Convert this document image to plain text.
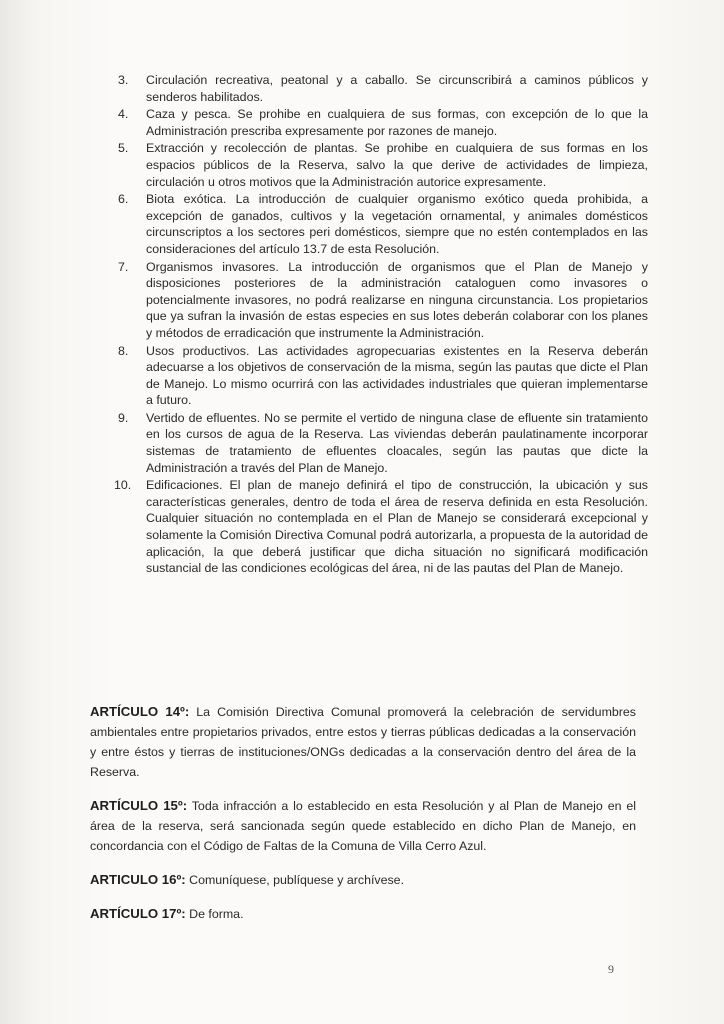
3. Circulación recreativa, peatonal y a caballo. Se circunscribirá a caminos públicos y senderos habilitados.
4. Caza y pesca. Se prohibe en cualquiera de sus formas, con excepción de lo que la Administración prescriba expresamente por razones de manejo.
5. Extracción y recolección de plantas. Se prohibe en cualquiera de sus formas en los espacios públicos de la Reserva, salvo la que derive de actividades de limpieza, circulación u otros motivos que la Administración autorice expresamente.
6. Biota exótica. La introducción de cualquier organismo exótico queda prohibida, a excepción de ganados, cultivos y la vegetación ornamental, y animales domésticos circunscriptos a los sectores peri domésticos, siempre que no estén contemplados en las consideraciones del artículo 13.7 de esta Resolución.
7. Organismos invasores. La introducción de organismos que el Plan de Manejo y disposiciones posteriores de la administración cataloguen como invasores o potencialmente invasores, no podrá realizarse en ninguna circunstancia. Los propietarios que ya sufran la invasión de estas especies en sus lotes deberán colaborar con los planes y métodos de erradicación que instrumente la Administración.
8. Usos productivos. Las actividades agropecuarias existentes en la Reserva deberán adecuarse a los objetivos de conservación de la misma, según las pautas que dicte el Plan de Manejo. Lo mismo ocurrirá con las actividades industriales que quieran implementarse a futuro.
9. Vertido de efluentes. No se permite el vertido de ninguna clase de efluente sin tratamiento en los cursos de agua de la Reserva. Las viviendas deberán paulatinamente incorporar sistemas de tratamiento de efluentes cloacales, según las pautas que dicte la Administración a través del Plan de Manejo.
10. Edificaciones. El plan de manejo definirá el tipo de construcción, la ubicación y sus características generales, dentro de toda el área de reserva definida en esta Resolución. Cualquier situación no contemplada en el Plan de Manejo se considerará excepcional y solamente la Comisión Directiva Comunal podrá autorizarla, a propuesta de la autoridad de aplicación, la que deberá justificar que dicha situación no significará modificación sustancial de las condiciones ecológicas del área, ni de las pautas del Plan de Manejo.

ARTÍCULO 14º: La Comisión Directiva Comunal promoverá la celebración de servidumbres ambientales entre propietarios privados, entre estos y tierras públicas dedicadas a la conservación y entre éstos y tierras de instituciones/ONGs dedicadas a la conservación dentro del área de la Reserva.

ARTÍCULO 15º: Toda infracción a lo establecido en esta Resolución y al Plan de Manejo en el área de la reserva, será sancionada según quede establecido en dicho Plan de Manejo, en concordancia con el Código de Faltas de la Comuna de Villa Cerro Azul.

ARTICULO 16º: Comuníquese, publíquese y archívese.

ARTÍCULO 17º: De forma.

9
